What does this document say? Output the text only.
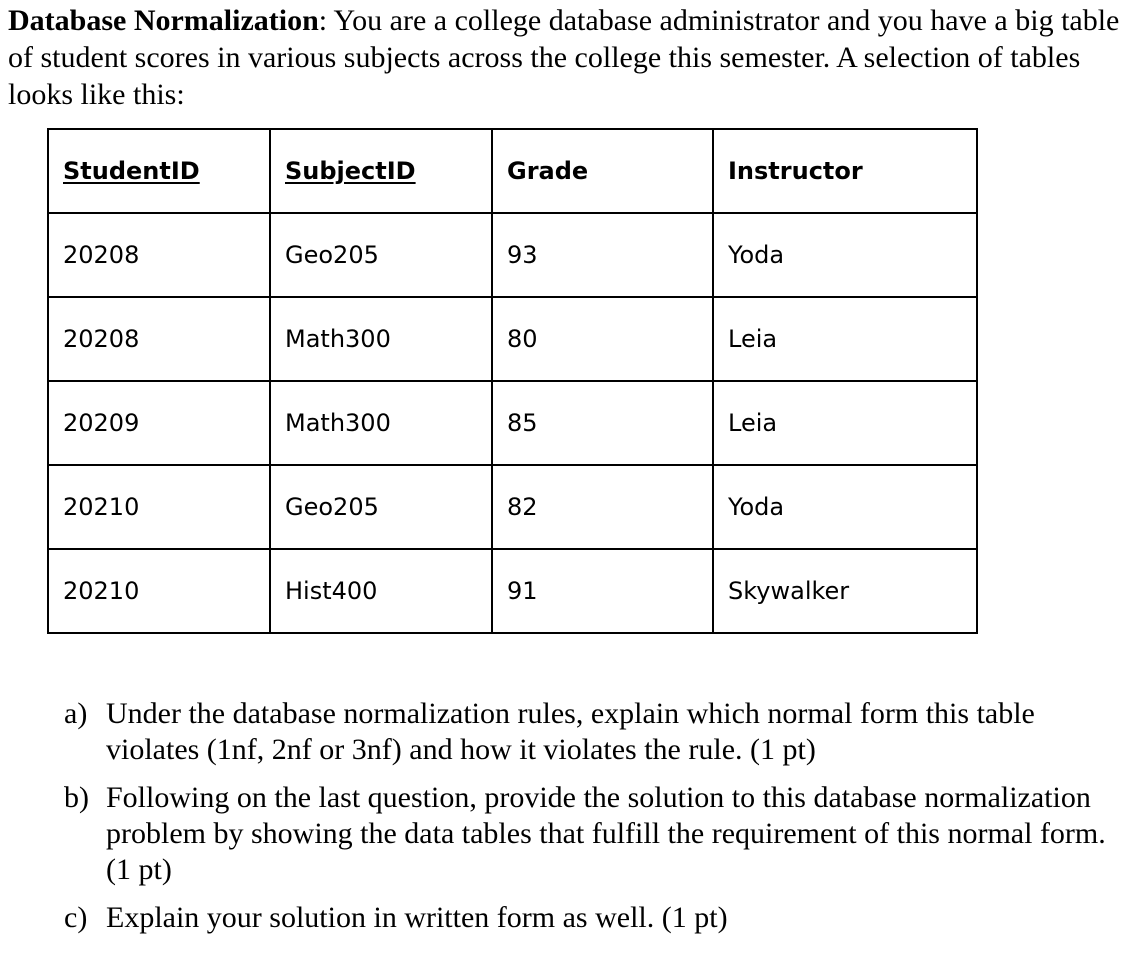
Database Normalization: You are a college database administrator and you have a big table of student scores in various subjects across the college this semester. A selection of tables looks like this:

StudentID	SubjectID	Grade	Instructor
20208	Geo205	93	Yoda
20208	Math300	80	Leia
20209	Math300	85	Leia
20210	Geo205	82	Yoda
20210	Hist400	91	Skywalker
a) Under the database normalization rules, explain which normal form this table violates (1nf, 2nf or 3nf) and how it violates the rule. (1 pt)
b) Following on the last question, provide the solution to this database normalization problem by showing the data tables that fulfill the requirement of this normal form. (1 pt)
c) Explain your solution in written form as well. (1 pt)
